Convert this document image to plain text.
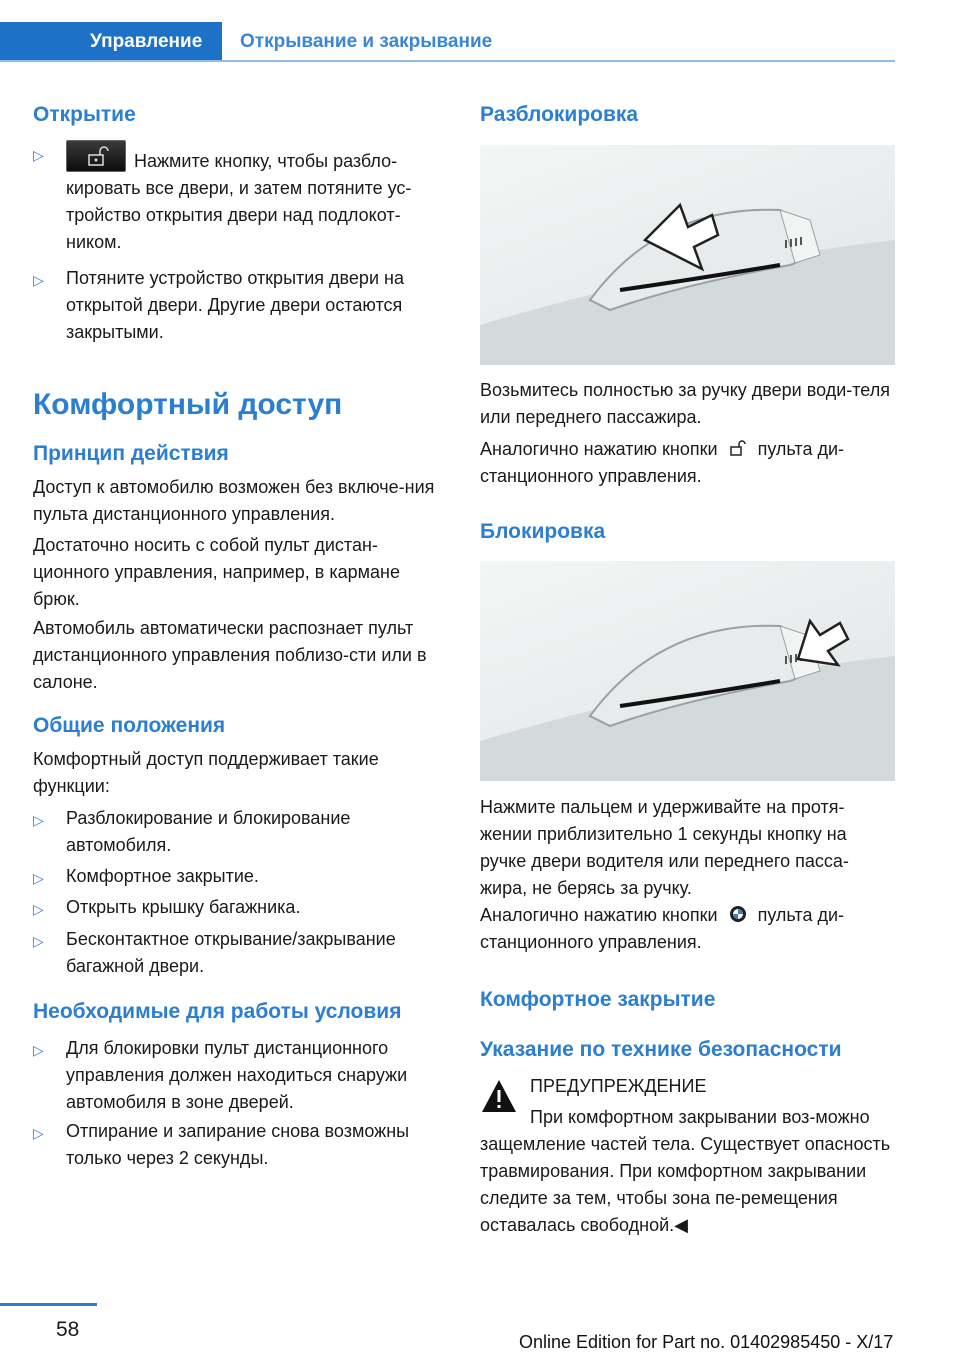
Управление	Открывание и закрывание
Открытие
▷	Нажмите кнопку, чтобы разбло-кировать все двери, и затем потяните ус-тройство открытия двери над подлокот-ником.
▷ Потяните устройство открытия двери на открытой двери. Другие двери остаются закрытыми.
Комфортный доступ
Принцип действия
Доступ к автомобилю возможен без включе-ния пульта дистанционного управления.
Достаточно носить с собой пульт дистан-ционного управления, например, в кармане брюк.
Автомобиль автоматически распознает пульт дистанционного управления поблизо-сти или в салоне.
Общие положения
Комфортный доступ поддерживает такие функции:
▷ Разблокирование и блокирование автомобиля.
▷ Комфортное закрытие.
▷ Открыть крышку багажника.
▷ Бесконтактное открывание/закрывание багажной двери.
Необходимые для работы условия
▷ Для блокировки пульт дистанционного управления должен находиться снаружи автомобиля в зоне дверей.
▷ Отпирание и запирание снова возможны только через 2 секунды.
Разблокировка
Возьмитесь полностью за ручку двери води-теля или переднего пассажира.
Аналогично нажатию кнопки пульта ди-станционного управления.
Блокировка
Нажмите пальцем и удерживайте на протя-жении приблизительно 1 секунды кнопку на ручке двери водителя или переднего пасса-жира, не берясь за ручку.
Аналогично нажатию кнопки пульта ди-станционного управления.
Комфортное закрытие
Указание по технике безопасности
ПРЕДУПРЕЖДЕНИЕ
При комфортном закрывании воз-можно защемление частей тела. Существует опасность травмирования. При комфортном закрывании следите за тем, чтобы зона пе-ремещения оставалась свободной.◀
58
Online Edition for Part no. 01402985450 - X/17
